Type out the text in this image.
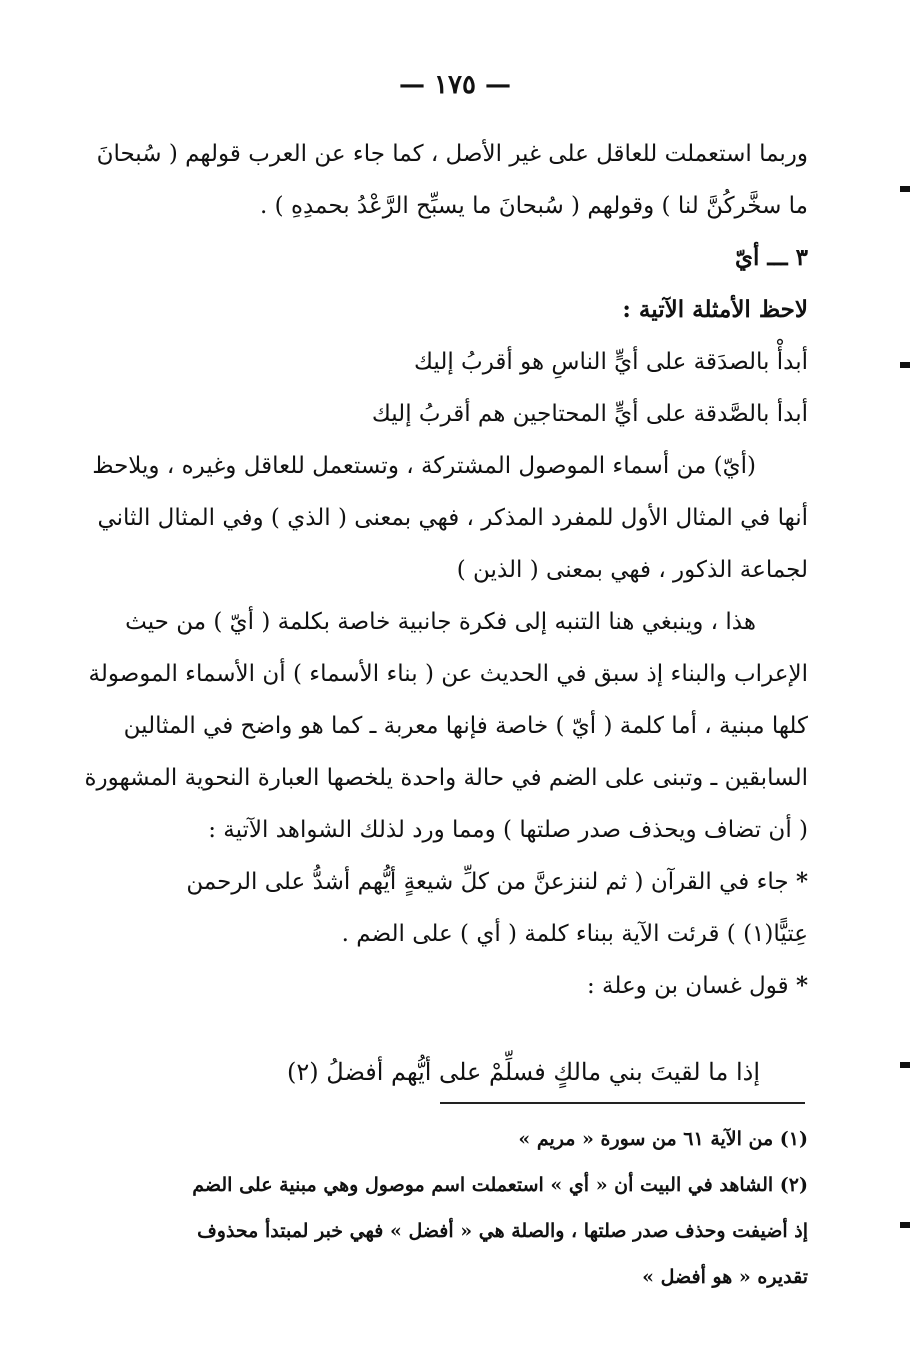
— ١٧٥ —
وربما استعملت للعاقل على غير الأصل ، كما جاء عن العرب قولهم ( سُبحانَ
ما سخَّركُنَّ لنا ) وقولهم ( سُبحانَ ما يسبِّح الرَّعْدُ بحمدِهِ ) .
٣ ـــ أيّ
لاحظ الأمثلة الآتية :
أبدأْ بالصدَقة على أيٍّ الناسِ هو أقربُ إليك
أبدأ بالصَّدقة على أيٍّ المحتاجين هم أقربُ إليك
(أيّ) من أسماء الموصول المشتركة ، وتستعمل للعاقل وغيره ، ويلاحظ
أنها في المثال الأول للمفرد المذكر ، فهي بمعنى ( الذي ) وفي المثال الثاني
لجماعة الذكور ، فهي بمعنى ( الذين )
هذا ، وينبغي هنا التنبه إلى فكرة جانبية خاصة بكلمة ( أيّ ) من حيث
الإعراب والبناء إذ سبق في الحديث عن ( بناء الأسماء ) أن الأسماء الموصولة
كلها مبنية ، أما كلمة ( أيّ ) خاصة فإنها معربة ـ كما هو واضح في المثالين
السابقين ـ وتبنى على الضم في حالة واحدة يلخصها العبارة النحوية المشهورة
( أن تضاف ويحذف صدر صلتها ) ومما ورد لذلك الشواهد الآتية :
* جاء في القرآن ( ثم لننزعنَّ من كلِّ شيعةٍ أيُّهم أشدُّ على الرحمن
عِتيًّا(١) ) قرئت الآية ببناء كلمة ( أي ) على الضم .
* قول غسان بن وعلة :
إذا ما لقيتَ بني مالكٍ فسلِّمْ على أيُّهم أفضلُ (٢)
(١) من الآية ٦١ من سورة « مريم »
(٢) الشاهد في البيت أن « أي » استعملت اسم موصول وهي مبنية على الضم
إذ أضيفت وحذف صدر صلتها ، والصلة هي « أفضل » فهي خبر لمبتدأ محذوف
تقديره « هو أفضل »
